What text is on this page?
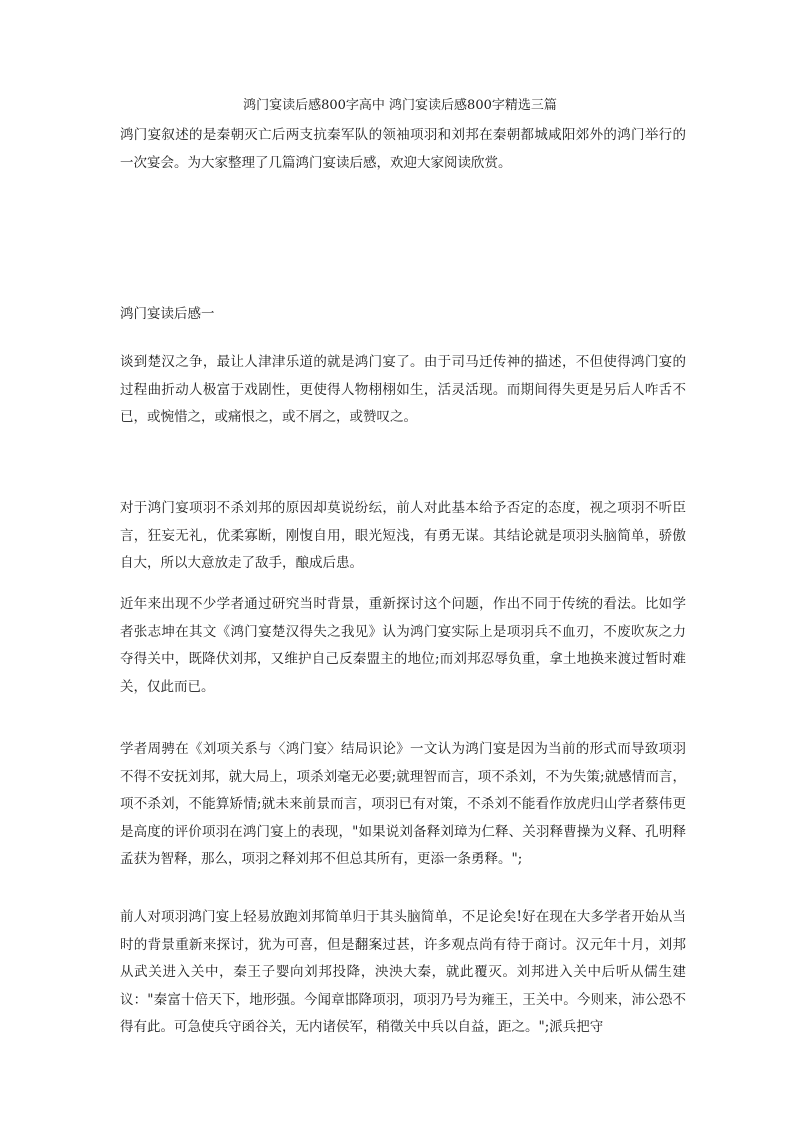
鸿门宴读后感800字高中 鸿门宴读后感800字精选三篇

鸿门宴叙述的是秦朝灭亡后两支抗秦军队的领袖项羽和刘邦在秦朝都城咸阳郊外的鸿门举行的一次宴会。为大家整理了几篇鸿门宴读后感，欢迎大家阅读欣赏。

鸿门宴读后感一

谈到楚汉之争，最让人津津乐道的就是鸿门宴了。由于司马迁传神的描述，不但使得鸿门宴的过程曲折动人极富于戏剧性，更使得人物栩栩如生，活灵活现。而期间得失更是另后人咋舌不已，或惋惜之，或痛恨之，或不屑之，或赞叹之。

对于鸿门宴项羽不杀刘邦的原因却莫说纷纭，前人对此基本给予否定的态度，视之项羽不听臣言，狂妄无礼，优柔寡断，刚愎自用，眼光短浅，有勇无谋。其结论就是项羽头脑简单，骄傲自大，所以大意放走了敌手，酿成后患。

近年来出现不少学者通过研究当时背景，重新探讨这个问题，作出不同于传统的看法。比如学者张志坤在其文《鸿门宴楚汉得失之我见》认为鸿门宴实际上是项羽兵不血刃，不废吹灰之力夺得关中，既降伏刘邦，又维护自己反秦盟主的地位;而刘邦忍辱负重，拿土地换来渡过暂时难关，仅此而已。

学者周骋在《刘项关系与〈鸿门宴〉结局识论》一文认为鸿门宴是因为当前的形式而导致项羽不得不安抚刘邦，就大局上，项杀刘毫无必要;就理智而言，项不杀刘，不为失策;就感情而言，项不杀刘，不能算矫情;就未来前景而言，项羽已有对策，不杀刘不能看作放虎归山学者蔡伟更是高度的评价项羽在鸿门宴上的表现，"如果说刘备释刘璋为仁释、关羽释曹操为义释、孔明释孟获为智释，那么，项羽之释刘邦不但总其所有，更添一条勇释。";

前人对项羽鸿门宴上轻易放跑刘邦简单归于其头脑简单，不足论矣!好在现在大多学者开始从当时的背景重新来探讨，犹为可喜，但是翻案过甚，许多观点尚有待于商讨。汉元年十月，刘邦从武关进入关中，秦王子婴向刘邦投降，泱泱大秦，就此覆灭。刘邦进入关中后听从儒生建议："秦富十倍天下，地形强。今闻章邯降项羽，项羽乃号为雍王，王关中。今则来，沛公恐不得有此。可急使兵守函谷关，无内诸侯军，稍徵关中兵以自益，距之。";派兵把守
